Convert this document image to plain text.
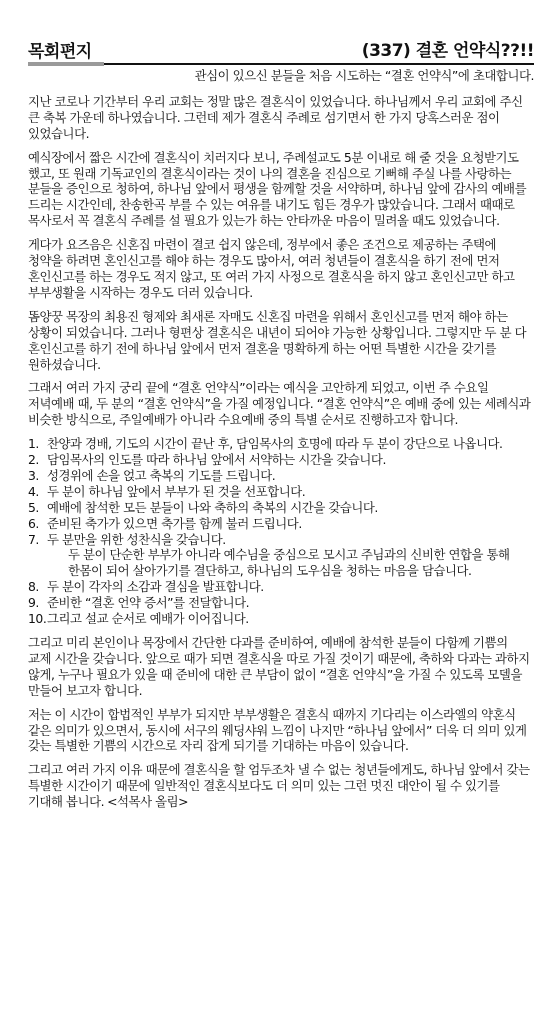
목회편지	(337) 결혼 언약식??!!
관심이 있으신 분들을 처음 시도하는 “결혼 언약식”에 초대합니다.

지난 코로나 기간부터 우리 교회는 정말 많은 결혼식이 있었습니다. 하나님께서 우리 교회에 주신 큰 축복 가운데 하나였습니다. 그런데 제가 결혼식 주례로 섬기면서 한 가지 당혹스러운 점이 있었습니다.

예식장에서 짧은 시간에 결혼식이 치러지다 보니, 주례설교도 5분 이내로 해 줄 것을 요청받기도 했고, 또 원래 기독교인의 결혼식이라는 것이 나의 결혼을 진심으로 기뻐해 주실 나를 사랑하는 분들을 증인으로 청하여, 하나님 앞에서 평생을 함께할 것을 서약하며, 하나님 앞에 감사의 예배를 드리는 시간인데, 찬송한곡 부를 수 있는 여유를 내기도 힘든 경우가 많았습니다. 그래서 때때로 목사로서 꼭 결혼식 주례를 설 필요가 있는가 하는 안타까운 마음이 밀려올 때도 있었습니다.

게다가 요즈음은 신혼집 마련이 결코 쉽지 않은데, 정부에서 좋은 조건으로 제공하는 주택에 청약을 하려면 혼인신고를 해야 하는 경우도 많아서, 여러 청년들이 결혼식을 하기 전에 먼저 혼인신고를 하는 경우도 적지 않고, 또 여러 가지 사정으로 결혼식을 하지 않고 혼인신고만 하고 부부생활을 시작하는 경우도 더러 있습니다.

똠양꿍 목장의 최용진 형제와 최새론 자매도 신혼집 마련을 위해서 혼인신고를 먼저 해야 하는 상황이 되었습니다. 그러나 형편상 결혼식은 내년이 되어야 가능한 상황입니다. 그렇지만 두 분 다 혼인신고를 하기 전에 하나님 앞에서 먼저 결혼을 명확하게 하는 어떤 특별한 시간을 갖기를 원하셨습니다.

그래서 여러 가지 궁리 끝에 “결혼 언약식”이라는 예식을 고안하게 되었고, 이번 주 수요일 저녁예배 때, 두 분의 “결혼 언약식”을 가질 예정입니다. “결혼 언약식”은 예배 중에 있는 세례식과 비슷한 방식으로, 주일예배가 아니라 수요예배 중의 특별 순서로 진행하고자 합니다.

1. 찬양과 경배, 기도의 시간이 끝난 후, 담임목사의 호명에 따라 두 분이 강단으로 나옵니다.
2. 담임목사의 인도를 따라 하나님 앞에서 서약하는 시간을 갖습니다.
3. 성경위에 손을 얹고 축복의 기도를 드립니다.
4. 두 분이 하나님 앞에서 부부가 된 것을 선포합니다.
5. 예배에 참석한 모든 분들이 나와 축하의 축복의 시간을 갖습니다.
6. 준비된 축가가 있으면 축가를 함께 불러 드립니다.
7. 두 분만을 위한 성찬식을 갖습니다.
두 분이 단순한 부부가 아니라 예수님을 중심으로 모시고 주님과의 신비한 연합을 통해 한몸이 되어 살아가기를 결단하고, 하나님의 도우심을 청하는 마음을 담습니다.
8. 두 분이 각자의 소감과 결심을 발표합니다.
9. 준비한 “결혼 언약 증서”를 전달합니다.
10. 그리고 설교 순서로 예배가 이어집니다.

그리고 미리 본인이나 목장에서 간단한 다과를 준비하여, 예배에 참석한 분들이 다함께 기쁨의 교제 시간을 갖습니다. 앞으로 때가 되면 결혼식을 따로 가질 것이기 때문에, 축하와 다과는 과하지 않게, 누구나 필요가 있을 때 준비에 대한 큰 부담이 없이 “결혼 언약식”을 가질 수 있도록 모델을 만들어 보고자 합니다.

저는 이 시간이 합법적인 부부가 되지만 부부생활은 결혼식 때까지 기다리는 이스라엘의 약혼식 같은 의미가 있으면서, 동시에 서구의 웨딩샤워 느낌이 나지만 “하나님 앞에서” 더욱 더 의미 있게 갖는 특별한 기쁨의 시간으로 자리 잡게 되기를 기대하는 마음이 있습니다.

그리고 여러 가지 이유 때문에 결혼식을 할 엄두조차 낼 수 없는 청년들에게도, 하나님 앞에서 갖는 특별한 시간이기 때문에 일반적인 결혼식보다도 더 의미 있는 그런 멋진 대안이 될 수 있기를 기대해 봅니다. <석목사 올림>
